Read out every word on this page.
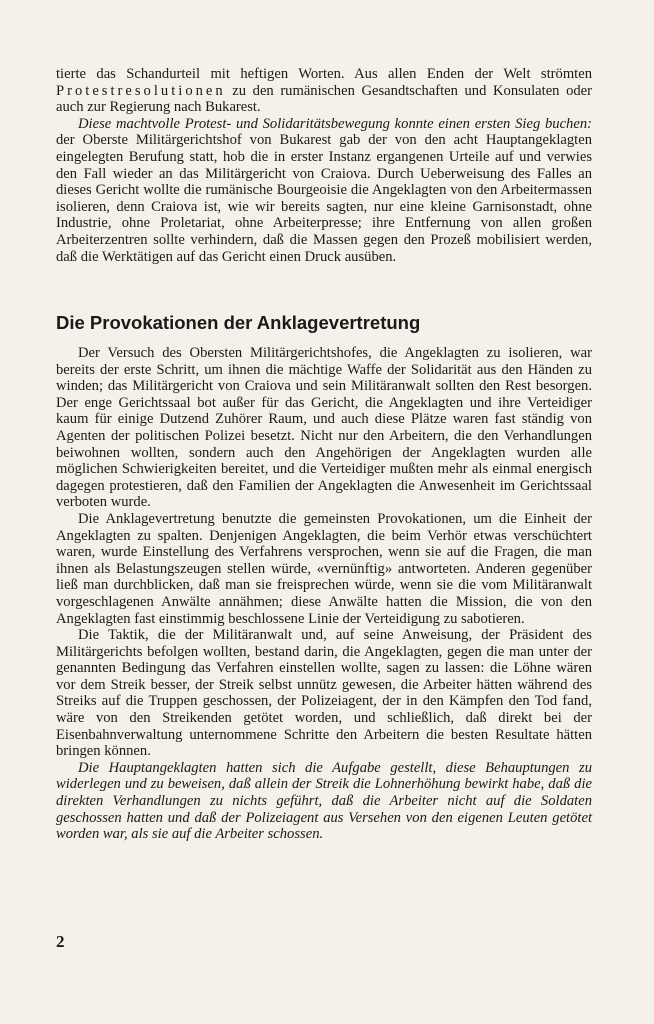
tierte das Schandurteil mit heftigen Worten. Aus allen Enden der Welt strömten Protestresolutionen zu den rumänischen Gesandtschaften und Konsulaten oder auch zur Regierung nach Bukarest.

Diese machtvolle Protest- und Solidaritätsbewegung konnte einen ersten Sieg buchen: der Oberste Militärgerichtshof von Bukarest gab der von den acht Hauptangeklagten eingelegten Berufung statt, hob die in erster Instanz ergangenen Urteile auf und verwies den Fall wieder an das Militärgericht von Craiova. Durch Ueberweisung des Falles an dieses Gericht wollte die rumänische Bourgeoisie die Angeklagten von den Arbeitermassen isolieren, denn Craiova ist, wie wir bereits sagten, nur eine kleine Garnisonstadt, ohne Industrie, ohne Proletariat, ohne Arbeiterpresse; ihre Entfernung von allen großen Arbeiterzentren sollte verhindern, daß die Massen gegen den Prozeß mobilisiert werden, daß die Werktätigen auf das Gericht einen Druck ausüben.

Die Provokationen der Anklagevertretung

Der Versuch des Obersten Militärgerichtshofes, die Angeklagten zu isolieren, war bereits der erste Schritt, um ihnen die mächtige Waffe der Solidarität aus den Händen zu winden; das Militärgericht von Craiova und sein Militäranwalt sollten den Rest besorgen. Der enge Gerichtssaal bot außer für das Gericht, die Angeklagten und ihre Verteidiger kaum für einige Dutzend Zuhörer Raum, und auch diese Plätze waren fast ständig von Agenten der politischen Polizei besetzt. Nicht nur den Arbeitern, die den Verhandlungen beiwohnen wollten, sondern auch den Angehörigen der Angeklagten wurden alle möglichen Schwierigkeiten bereitet, und die Verteidiger mußten mehr als einmal energisch dagegen protestieren, daß den Familien der Angeklagten die Anwesenheit im Gerichtssaal verboten wurde.

Die Anklagevertretung benutzte die gemeinsten Provokationen, um die Einheit der Angeklagten zu spalten. Denjenigen Angeklagten, die beim Verhör etwas verschüchtert waren, wurde Einstellung des Verfahrens versprochen, wenn sie auf die Fragen, die man ihnen als Belastungszeugen stellen würde, «vernünftig» antworteten. Anderen gegenüber ließ man durchblicken, daß man sie freisprechen würde, wenn sie die vom Militäranwalt vorgeschlagenen Anwälte annähmen; diese Anwälte hatten die Mission, die von den Angeklagten fast einstimmig beschlossene Linie der Verteidigung zu sabotieren.

Die Taktik, die der Militäranwalt und, auf seine Anweisung, der Präsident des Militärgerichts befolgen wollten, bestand darin, die Angeklagten, gegen die man unter der genannten Bedingung das Verfahren einstellen wollte, sagen zu lassen: die Löhne wären vor dem Streik besser, der Streik selbst unnütz gewesen, die Arbeiter hätten während des Streiks auf die Truppen geschossen, der Polizeiagent, der in den Kämpfen den Tod fand, wäre von den Streikenden getötet worden, und schließlich, daß direkt bei der Eisenbahnverwaltung unternommene Schritte den Arbeitern die besten Resultate hätten bringen können.

Die Hauptangeklagten hatten sich die Aufgabe gestellt, diese Behauptungen zu widerlegen und zu beweisen, daß allein der Streik die Lohnerhöhung bewirkt habe, daß die direkten Verhandlungen zu nichts geführt, daß die Arbeiter nicht auf die Soldaten geschossen hatten und daß der Polizeiagent aus Versehen von den eigenen Leuten getötet worden war, als sie auf die Arbeiter schossen.

2
